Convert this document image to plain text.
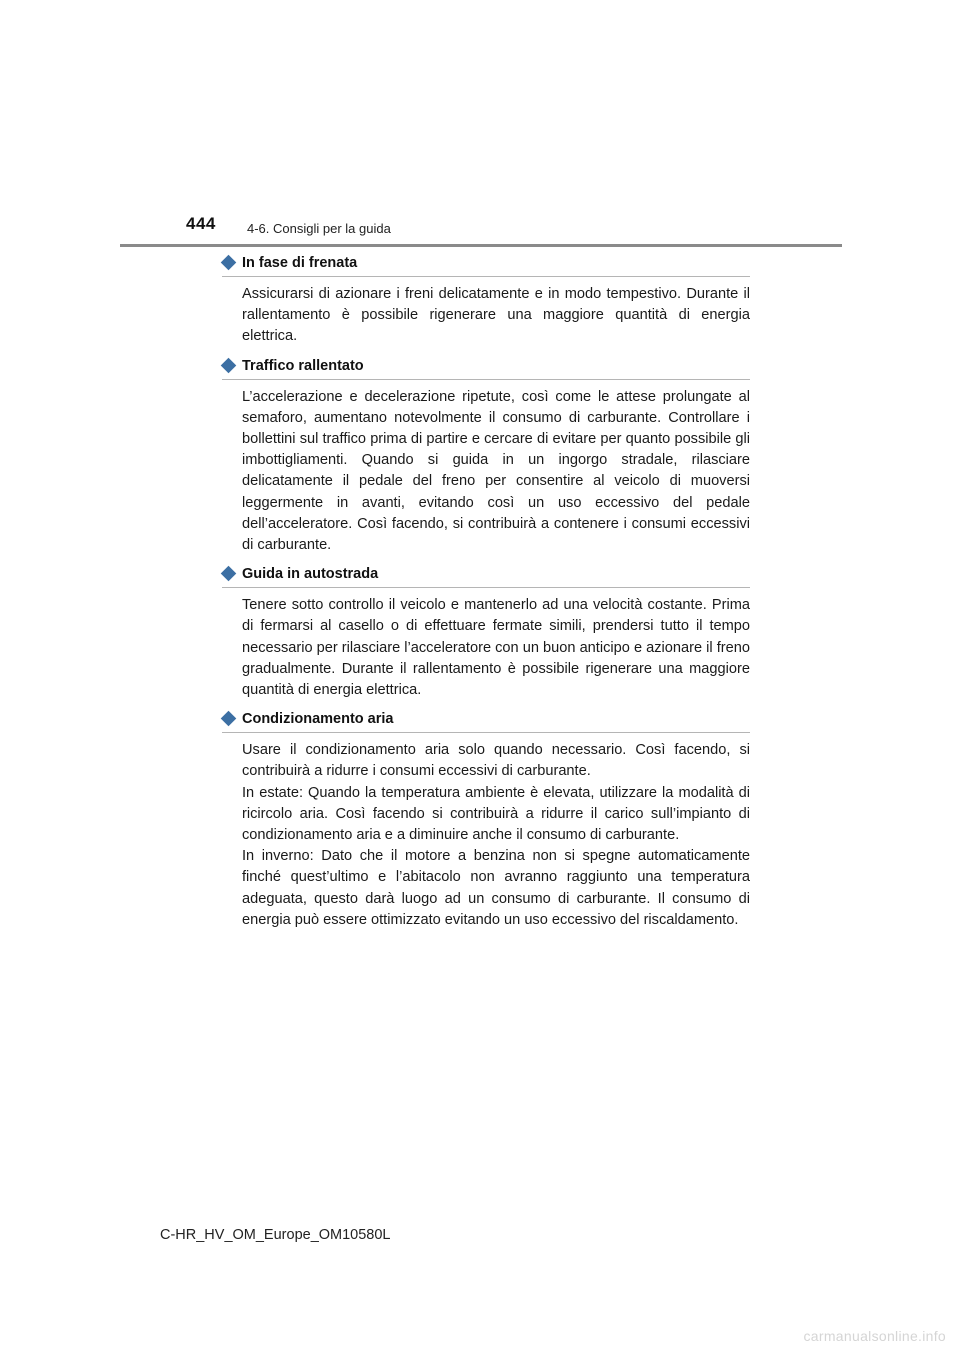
444 4-6. Consigli per la guida
In fase di frenata

Assicurarsi di azionare i freni delicatamente e in modo tempestivo. Durante il rallentamento è possibile rigenerare una maggiore quantità di energia elettrica.

Traffico rallentato

L’accelerazione e decelerazione ripetute, così come le attese prolungate al semaforo, aumentano notevolmente il consumo di carburante. Controllare i bollettini sul traffico prima di partire e cercare di evitare per quanto possibile gli imbottigliamenti. Quando si guida in un ingorgo stradale, rilasciare delicatamente il pedale del freno per consentire al veicolo di muoversi leggermente in avanti, evitando così un uso eccessivo del pedale dell’acceleratore. Così facendo, si contribuirà a contenere i consumi eccessivi di carburante.

Guida in autostrada

Tenere sotto controllo il veicolo e mantenerlo ad una velocità costante. Prima di fermarsi al casello o di effettuare fermate simili, prendersi tutto il tempo necessario per rilasciare l’acceleratore con un buon anticipo e azionare il freno gradualmente. Durante il rallentamento è possibile rigenerare una maggiore quantità di energia elettrica.

Condizionamento aria

Usare il condizionamento aria solo quando necessario. Così facendo, si contribuirà a ridurre i consumi eccessivi di carburante.

In estate: Quando la temperatura ambiente è elevata, utilizzare la modalità di ricircolo aria. Così facendo si contribuirà a ridurre il carico sull’impianto di condizionamento aria e a diminuire anche il consumo di carburante.

In inverno: Dato che il motore a benzina non si spegne automaticamente finché quest’ultimo e l’abitacolo non avranno raggiunto una temperatura adeguata, questo darà luogo ad un consumo di carburante. Il consumo di energia può essere ottimizzato evitando un uso eccessivo del riscaldamento.

C-HR_HV_OM_Europe_OM10580L
carmanualsonline.info
